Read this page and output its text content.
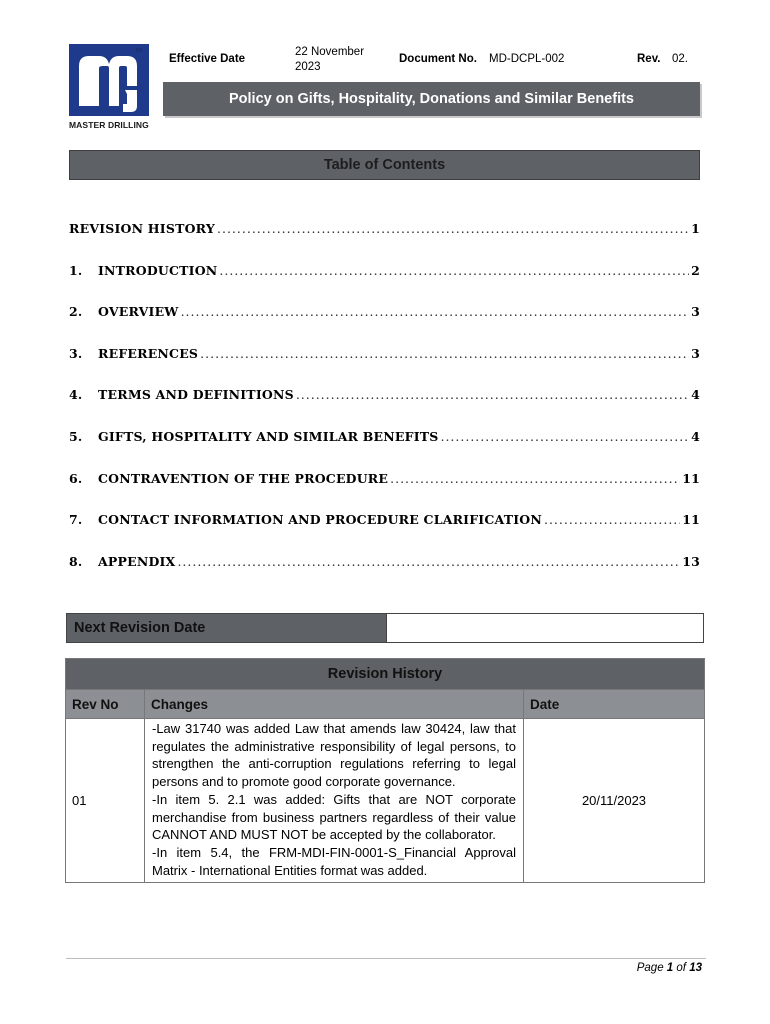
TM
MASTER DRILLING
Effective Date
22 November
2023
Document No. MD-DCPL-002	Rev. 02.
Policy on Gifts, Hospitality, Donations and Similar Benefits
Table of Contents
REVISION HISTORY .....	1
1.	INTRODUCTION .....	2
2.	OVERVIEW .....	3
3.	REFERENCES .....	3
4.	TERMS AND DEFINITIONS .....	4
5.	GIFTS, HOSPITALITY AND SIMILAR BENEFITS .....	4
6.	CONTRAVENTION OF THE PROCEDURE .....	11
7.	CONTACT INFORMATION AND PROCEDURE CLARIFICATION .....	11
8.	APPENDIX .....	13
Next Revision Date
Revision History		
Rev No	Changes	Date
01	-Law 31740 was added Law that amends law 30424, law that regulates the administrative responsibility of legal persons, to strengthen the anti-corruption regulations referring to legal persons and to promote good corporate governance.

-In item 5. 2.1 was added: Gifts that are NOT corporate merchandise from business partners regardless of their value CANNOT AND MUST NOT be accepted by the collaborator.

-In item 5.4, the FRM-MDI-FIN-0001-S_Financial Approval Matrix - International Entities format was added.	20/11/2023
Page 1 of 13
